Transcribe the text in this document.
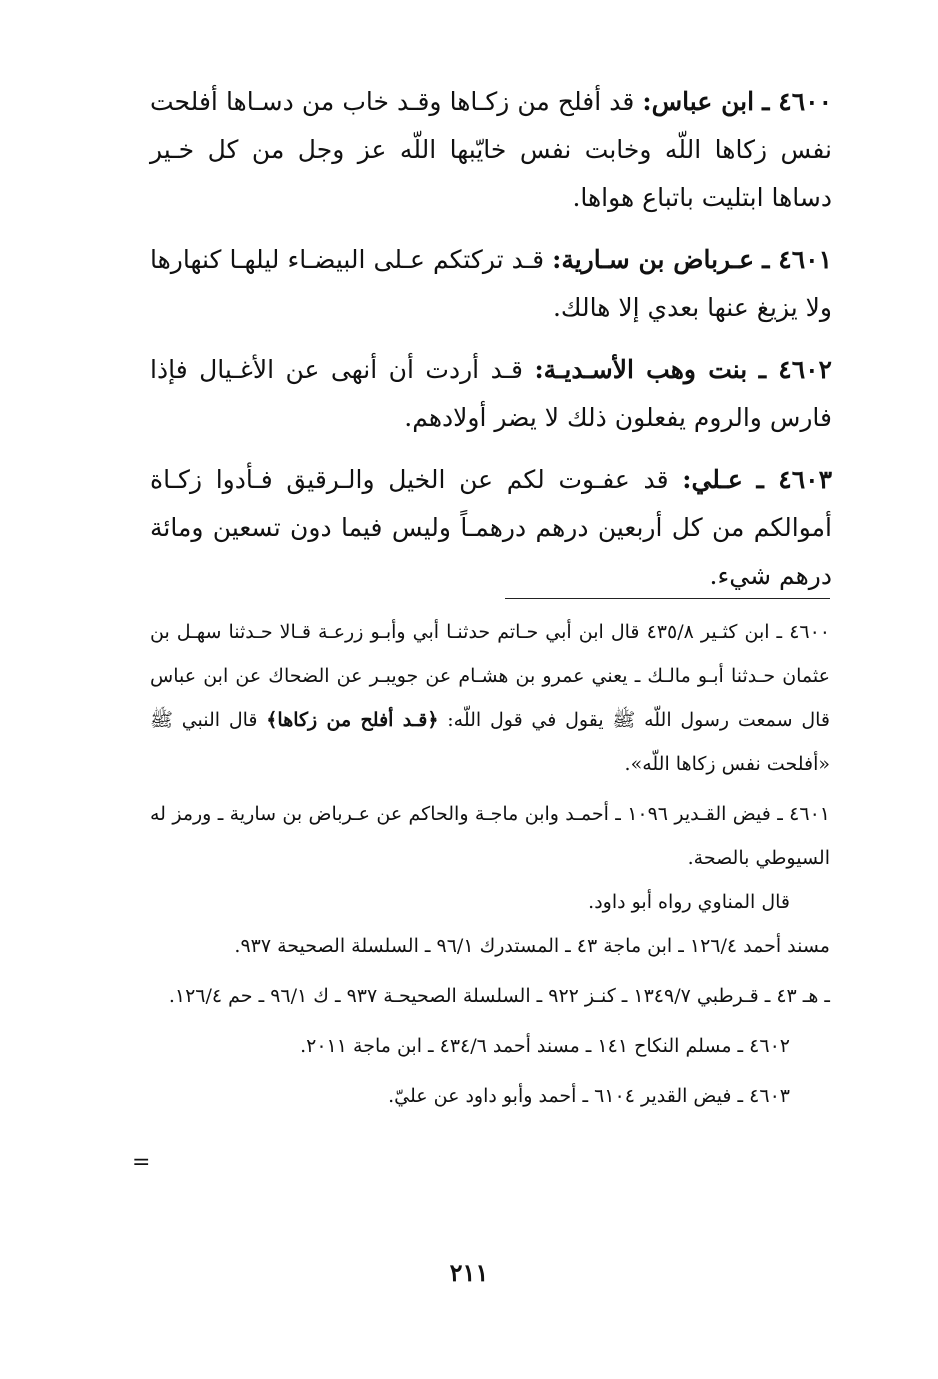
٤٦٠٠ ـ ابن عباس: قد أفلح من زكـاها وقـد خاب من دسـاها أفلحت نفس زكاها اللّه وخابت نفس خايّبها اللّه عز وجل من كل خـير دساها ابتليت باتباع هواها.

٤٦٠١ ـ عـرباض بن سـارية: قـد تركتكم عـلى البيضـاء ليلهـا كنهارها ولا يزيغ عنها بعدي إلا هالك.

٤٦٠٢ ـ بنت وهب الأسـديـة: قـد أردت أن أنهى عن الأغـيال فإذا فارس والروم يفعلون ذلك لا يضر أولادهم.

٤٦٠٣ ـ عـلي: قد عفـوت لكم عن الخيل والـرقيق فـأدوا زكـاة أموالكم من كل أربعين درهم درهمـاً وليس فيما دون تسعين ومائة درهم شيء.

٤٦٠٠ ـ ابن كثـير ٤٣٥/٨ قال ابن أبي حـاتم حدثنـا أبي وأبـو زرعـة قـالا حـدثنا سهـل بن عثمان حـدثنا أبـو مالـك ـ يعني عمرو بن هشـام عن جويبـر عن الضحاك عن ابن عباس قال سمعت رسول اللّه ﷺ يقول في قول اللّه: ﴿قـد أفلح من زكاها﴾ قال النبي ﷺ «أفلحت نفس زكاها اللّه».

٤٦٠١ ـ فيض القـدير ١٠٩٦ ـ أحمـد وابن ماجـة والحاكم عن عـرباض بن سارية ـ ورمز له السيوطي بالصحة.
قال المناوي رواه أبو داود.
مسند أحمد ١٢٦/٤ ـ ابن ماجة ٤٣ ـ المستدرك ٩٦/١ ـ السلسلة الصحيحة ٩٣٧.

ـ هـ ٤٣ ـ قـرطبي ١٣٤٩/٧ ـ كنـز ٩٢٢ ـ السلسلة الصحيحـة ٩٣٧ ـ ك ٩٦/١ ـ حم ١٢٦/٤.

٤٦٠٢ ـ مسلم النكاح ١٤١ ـ مسند أحمد ٤٣٤/٦ ـ ابن ماجة ٢٠١١.

٤٦٠٣ ـ فيض القدير ٦١٠٤ ـ أحمد وأبو داود عن عليّ.

=
٢١١
